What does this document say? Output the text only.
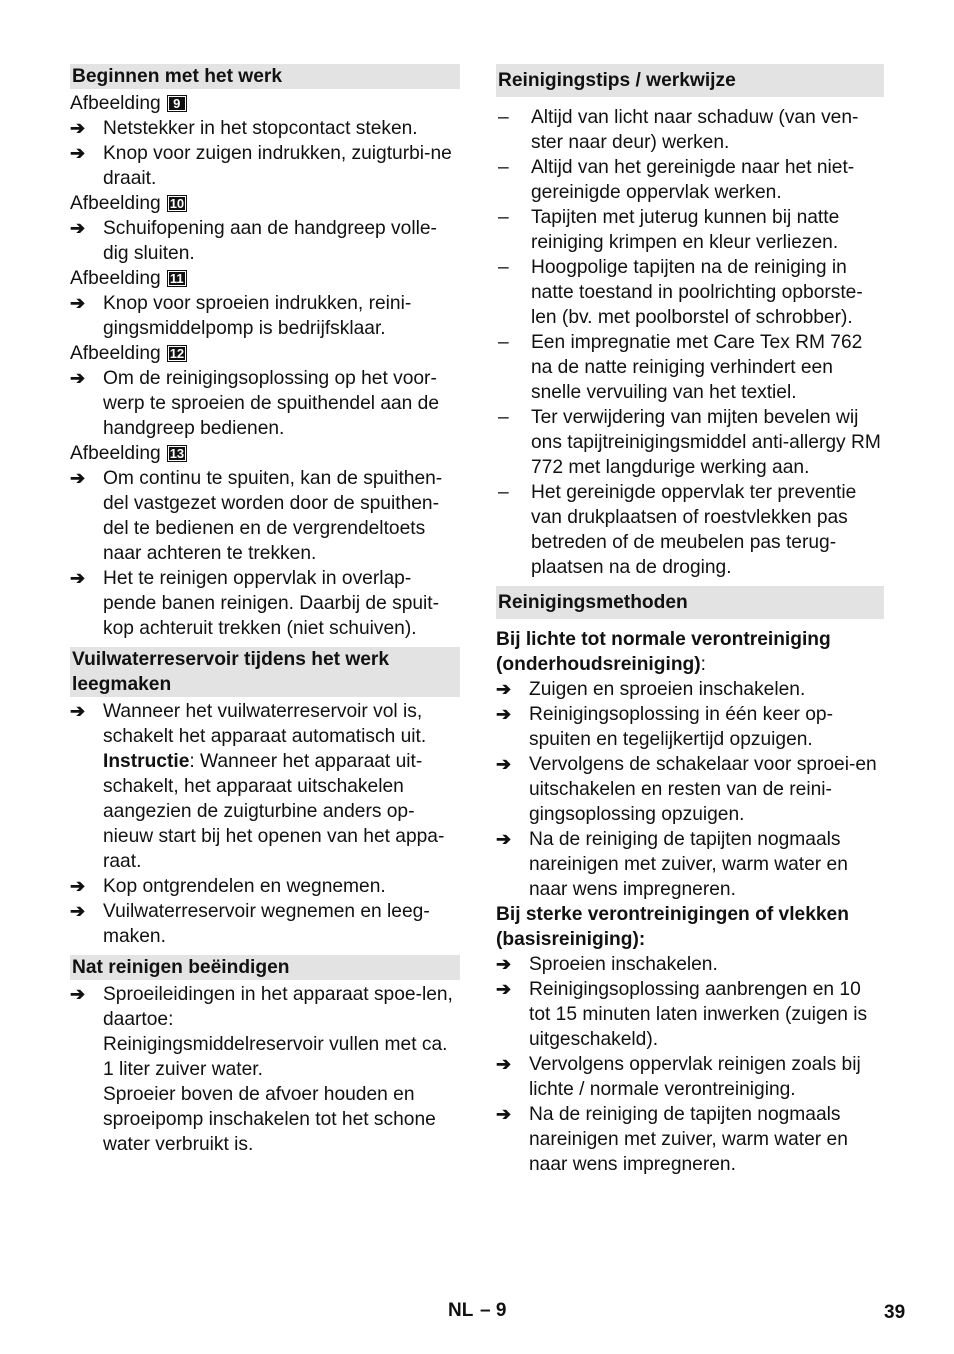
Beginnen met het werk
Afbeelding 9
➔ Netstekker in het stopcontact steken.
➔ Knop voor zuigen indrukken, zuigturbi-ne draait.
Afbeelding 10
➔ Schuifopening aan de handgreep volle-dig sluiten.
Afbeelding 11
➔ Knop voor sproeien indrukken, reini-gingsmiddelpomp is bedrijfsklaar.
Afbeelding 12
➔ Om de reinigingsoplossing op het voor-werp te sproeien de spuithendel aan de handgreep bedienen.
Afbeelding 13
➔ Om continu te spuiten, kan de spuithen-del vastgezet worden door de spuithen-del te bedienen en de vergrendeltoets naar achteren te trekken.
➔ Het te reinigen oppervlak in overlap-pende banen reinigen. Daarbij de spuit-kop achteruit trekken (niet schuiven).
Vuilwaterreservoir tijdens het werk leegmaken
➔ Wanneer het vuilwaterreservoir vol is, schakelt het apparaat automatisch uit.
Instructie: Wanneer het apparaat uit-schakelt, het apparaat uitschakelen aangezien de zuigturbine anders op-nieuw start bij het openen van het appa-raat.
➔ Kop ontgrendelen en wegnemen.
➔ Vuilwaterreservoir wegnemen en leeg-maken.
Nat reinigen beëindigen
➔ Sproeileidingen in het apparaat spoe-len, daartoe:
Reinigingsmiddelreservoir vullen met ca. 1 liter zuiver water.
Sproeier boven de afvoer houden en sproeipomp inschakelen tot het schone water verbruikt is.
Reinigingstips / werkwijze
–	Altijd van licht naar schaduw (van ven-ster naar deur) werken.
–	Altijd van het gereinigde naar het niet-gereinigde oppervlak werken.
–	Tapijten met juterug kunnen bij natte reiniging krimpen en kleur verliezen.
–	Hoogpolige tapijten na de reiniging in natte toestand in poolrichting opborste-len (bv. met poolborstel of schrobber).
–	Een impregnatie met Care Tex RM 762 na de natte reiniging verhindert een snelle vervuiling van het textiel.
–	Ter verwijdering van mijten bevelen wij ons tapijtreinigingsmiddel anti-allergy RM 772 met langdurige werking aan.
–	Het gereinigde oppervlak ter preventie van drukplaatsen of roestvlekken pas betreden of de meubelen pas terug-plaatsen na de droging.
Reinigingsmethoden
Bij lichte tot normale verontreiniging (onderhoudsreiniging):
➔ Zuigen en sproeien inschakelen.
➔ Reinigingsoplossing in één keer op-spuiten en tegelijkertijd opzuigen.
➔ Vervolgens de schakelaar voor sproei-en uitschakelen en resten van de reini-gingsoplossing opzuigen.
➔ Na de reiniging de tapijten nogmaals nareinigen met zuiver, warm water en naar wens impregneren.
Bij sterke verontreinigingen of vlekken (basisreiniging):
➔ Sproeien inschakelen.
➔ Reinigingsoplossing aanbrengen en 10 tot 15 minuten laten inwerken (zuigen is uitgeschakeld).
➔ Vervolgens oppervlak reinigen zoals bij lichte / normale verontreiniging.
➔ Na de reiniging de tapijten nogmaals nareinigen met zuiver, warm water en naar wens impregneren.
NL – 9	39
